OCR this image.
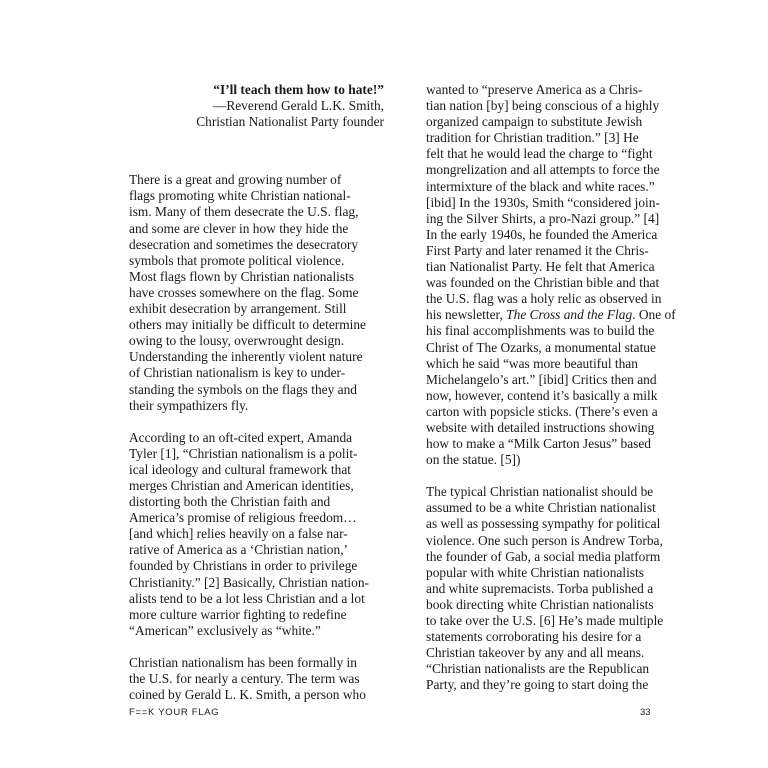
“I’ll teach them how to hate!”
—Reverend Gerald L.K. Smith,
Christian Nationalist Party founder

There is a great and growing number of
flags promoting white Christian national-
ism. Many of them desecrate the U.S. flag,
and some are clever in how they hide the
desecration and sometimes the desecratory
symbols that promote political violence.
Most flags flown by Christian nationalists
have crosses somewhere on the flag. Some
exhibit desecration by arrangement. Still
others may initially be difficult to determine
owing to the lousy, overwrought design.
Understanding the inherently violent nature
of Christian nationalism is key to under-
standing the symbols on the flags they and
their sympathizers fly.

According to an oft-cited expert, Amanda
Tyler [1], “Christian nationalism is a polit-
ical ideology and cultural framework that
merges Christian and American identities,
distorting both the Christian faith and
America’s promise of religious freedom…
[and which] relies heavily on a false nar-
rative of America as a ‘Christian nation,’
founded by Christians in order to privilege
Christianity.” [2] Basically, Christian nation-
alists tend to be a lot less Christian and a lot
more culture warrior fighting to redefine
“American” exclusively as “white.”

Christian nationalism has been formally in
the U.S. for nearly a century. The term was
coined by Gerald L. K. Smith, a person who

wanted to “preserve America as a Chris-
tian nation [by] being conscious of a highly
organized campaign to substitute Jewish
tradition for Christian tradition.” [3] He
felt that he would lead the charge to “fight
mongrelization and all attempts to force the
intermixture of the black and white races.”
[ibid] In the 1930s, Smith “considered join-
ing the Silver Shirts, a pro-Nazi group.” [4]
In the early 1940s, he founded the America
First Party and later renamed it the Chris-
tian Nationalist Party. He felt that America
was founded on the Christian bible and that
the U.S. flag was a holy relic as observed in
his newsletter, The Cross and the Flag. One of
his final accomplishments was to build the
Christ of The Ozarks, a monumental statue
which he said “was more beautiful than
Michelangelo’s art.” [ibid] Critics then and
now, however, contend it’s basically a milk
carton with popsicle sticks. (There’s even a
website with detailed instructions showing
how to make a “Milk Carton Jesus” based
on the statue. [5])

The typical Christian nationalist should be
assumed to be a white Christian nationalist
as well as possessing sympathy for political
violence. One such person is Andrew Torba,
the founder of Gab, a social media platform
popular with white Christian nationalists
and white supremacists. Torba published a
book directing white Christian nationalists
to take over the U.S. [6] He’s made multiple
statements corroborating his desire for a
Christian takeover by any and all means.
“Christian nationalists are the Republican
Party, and they’re going to start doing the

F==K YOUR FLAG	33
